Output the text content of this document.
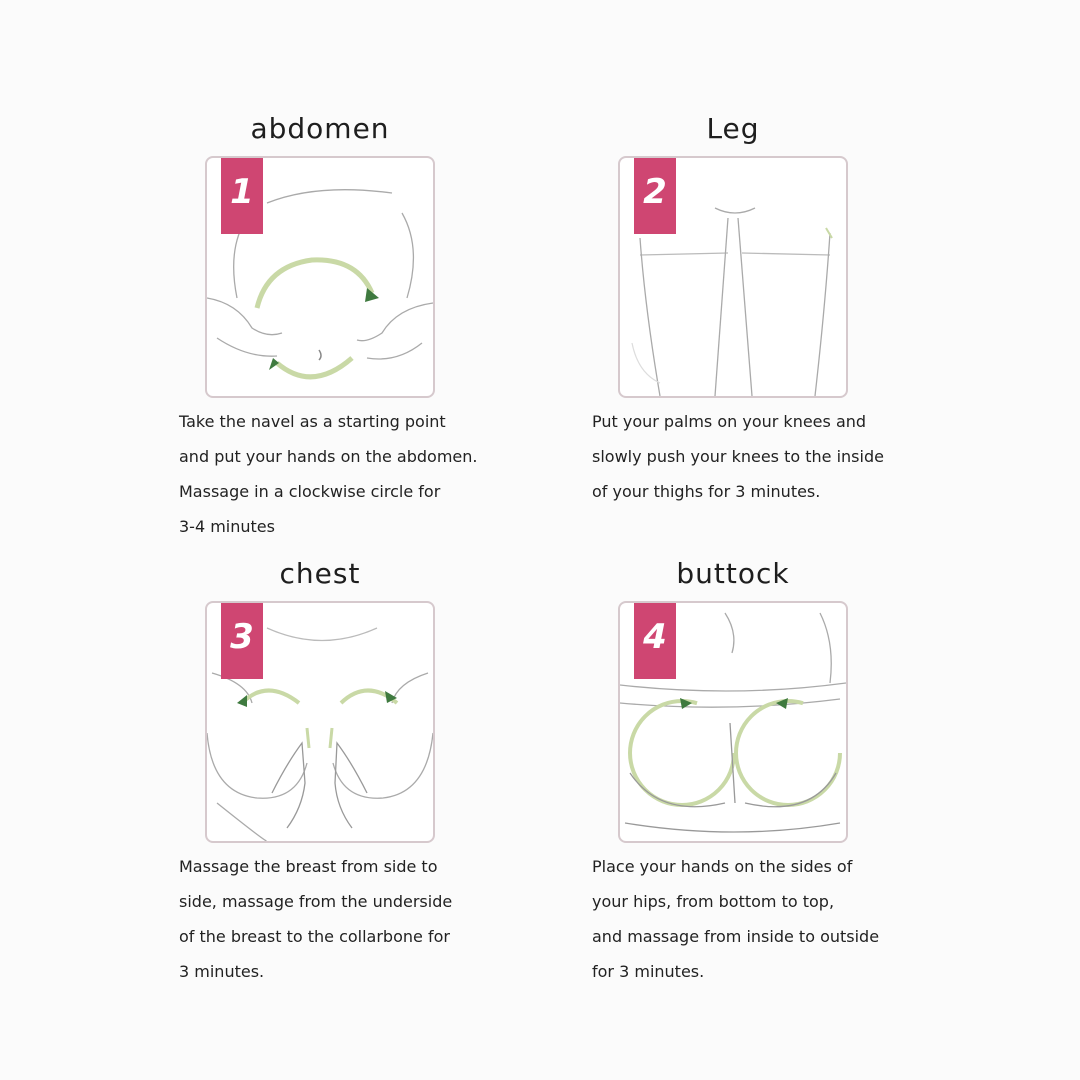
abdomen
1
Take the navel as a starting point
and put your hands on the abdomen.
Massage in a clockwise circle for
3-4 minutes
Leg
2
Put your palms on your knees and
slowly push your knees to the inside
of your thighs for 3 minutes.
chest
3
Massage the breast from side to
side, massage from the underside
of the breast to the collarbone for
3 minutes.
buttock
4
Place your hands on the sides of
your hips, from bottom to top,
and massage from inside to outside
for 3 minutes.
